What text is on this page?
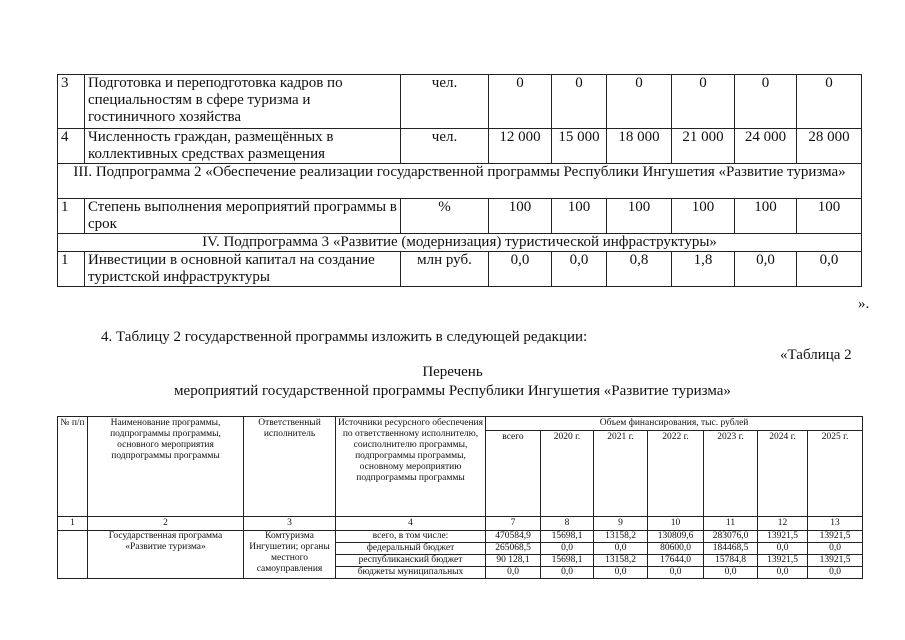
3	Подготовка и переподготовка кадров по специальностям в сфере туризма и гостиничного хозяйства	чел.	0	0	0	0	0	0
4	Численность граждан, размещённых в коллективных средствах размещения	чел.	12 000	15 000	18 000	21 000	24 000	28 000
III. Подпрограмма 2 «Обеспечение реализации государственной программы Республики Ингушетия «Развитие туризма»								
1	Степень выполнения мероприятий программы в срок	%	100	100	100	100	100	100
IV. Подпрограмма 3 «Развитие (модернизация) туристической инфраструктуры»								
1	Инвестиции в основной капитал на создание туристской инфраструктуры	млн руб.	0,0	0,0	0,8	1,8	0,0	0,0
».
4. Таблицу 2 государственной программы изложить в следующей редакции:
«Таблица 2
Перечень
мероприятий государственной программы Республики Ингушетия «Развитие туризма»
№ п/п	Наименование программы, подпрограммы программы, основного мероприятия подпрограммы программы	Ответственный исполнитель	Источники ресурсного обеспечения по ответственному исполнителю, соисполнителю программы, подпрограммы программы, основному мероприятию подпрограммы программы	Объем финансирования, тыс. рублей						
				всего	2020 г.	2021 г.	2022 г.	2023 г.	2024 г.	2025 г.
1	2	3	4	7	8	9	10	11	12	13
	Государственная программа «Развитие туризма»	Комтуризма Ингушетии; органы местного самоуправления	всего, в том числе:	470584,9	15698,1	13158,2	130809,6	283076,0	13921,5	13921,5
			федеральный бюджет	265068,5	0,0	0,0	80600,0	184468,5	0,0	0,0
			республиканский бюджет	90 128,1	15698,1	13158,2	17644,0	15784,8	13921,5	13921,5
			бюджеты муниципальных	0,0	0,0	0,0	0,0	0,0	0,0	0,0
